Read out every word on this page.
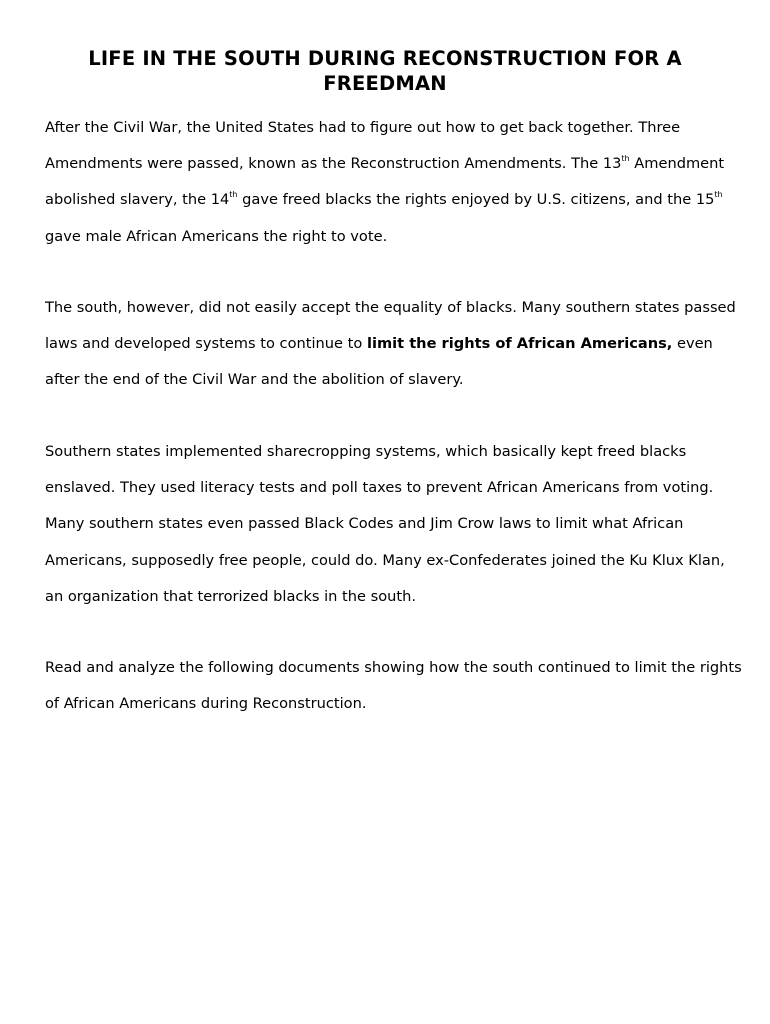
LIFE IN THE SOUTH DURING RECONSTRUCTION FOR A FREEDMAN

After the Civil War, the United States had to figure out how to get back together. Three Amendments were passed, known as the Reconstruction Amendments. The 13th Amendment abolished slavery, the 14th gave freed blacks the rights enjoyed by U.S. citizens, and the 15th gave male African Americans the right to vote.

The south, however, did not easily accept the equality of blacks. Many southern states passed laws and developed systems to continue to limit the rights of African Americans, even after the end of the Civil War and the abolition of slavery.

Southern states implemented sharecropping systems, which basically kept freed blacks enslaved. They used literacy tests and poll taxes to prevent African Americans from voting. Many southern states even passed Black Codes and Jim Crow laws to limit what African Americans, supposedly free people, could do. Many ex-Confederates joined the Ku Klux Klan, an organization that terrorized blacks in the south.

Read and analyze the following documents showing how the south continued to limit the rights of African Americans during Reconstruction.
